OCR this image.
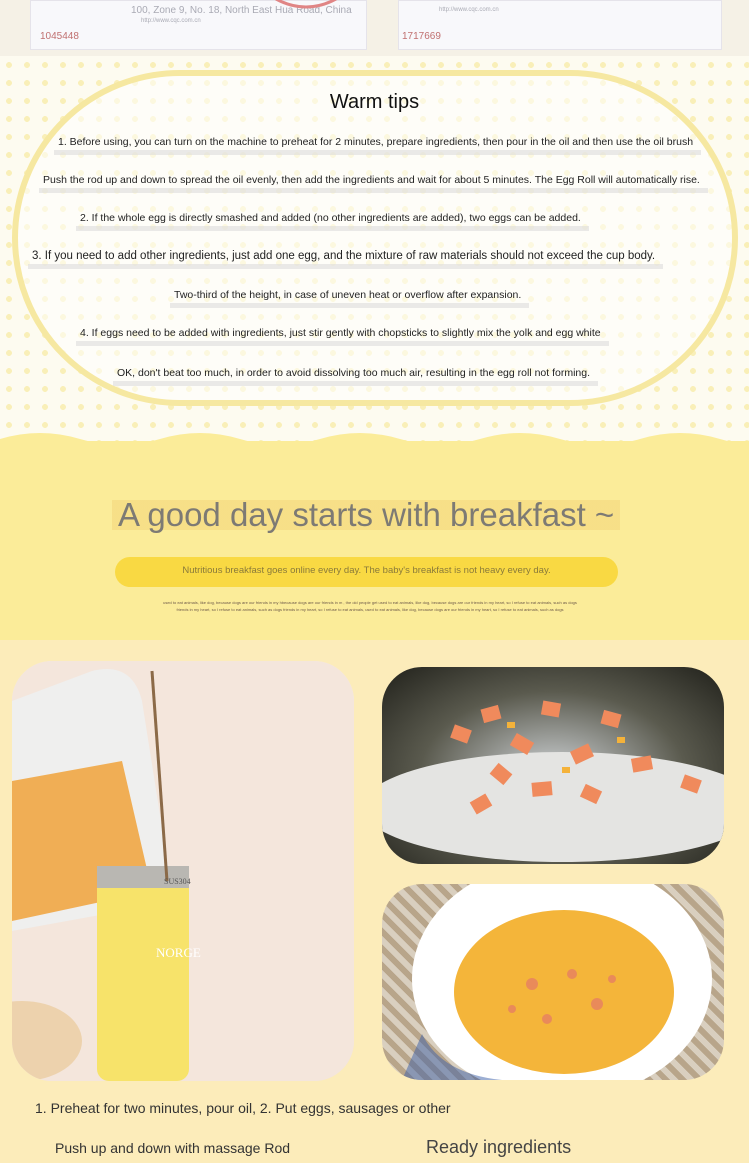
100, Zone 9, No. 18, North East Hua Road, China
http://www.cqc.com.cn
http://www.cqc.com.cn
1045448	1717669
Warm tips
1. Before using, you can turn on the machine to preheat for 2 minutes, prepare ingredients, then pour in the oil and then use the oil brush
Push the rod up and down to spread the oil evenly, then add the ingredients and wait for about 5 minutes. The Egg Roll will automatically rise.
2. If the whole egg is directly smashed and added (no other ingredients are added), two eggs can be added.
3. If you need to add other ingredients, just add one egg, and the mixture of raw materials should not exceed the cup body.
Two-third of the height, in case of uneven heat or overflow after expansion.
4. If eggs need to be added with ingredients, just stir gently with chopsticks to slightly mix the yolk and egg white
OK, don't beat too much, in order to avoid dissolving too much air, resulting in the egg roll not forming.
A good day starts with breakfast ~
Nutritious breakfast goes online every day. The baby's breakfast is not heavy every day.
used to eat animals, like dog, because dogs are our friends in my hbecause dogs are our friends in m , the old people get used to eat animals, like dog, because dogs are our friends in my heart, so I refuse to eat animals, such as dogs
friends in my heart, so I refuse to eat animals, such as dogs friends in my heart, so I refuse to eat animals, used to eat animals, like dog, because dogs are our friends in my heart, so I refuse to eat animals, such as dogs
SUS304
NORGE
1. Preheat for two minutes, pour oil, 2. Put eggs, sausages or other
Push up and down with massage Rod	Ready ingredients
